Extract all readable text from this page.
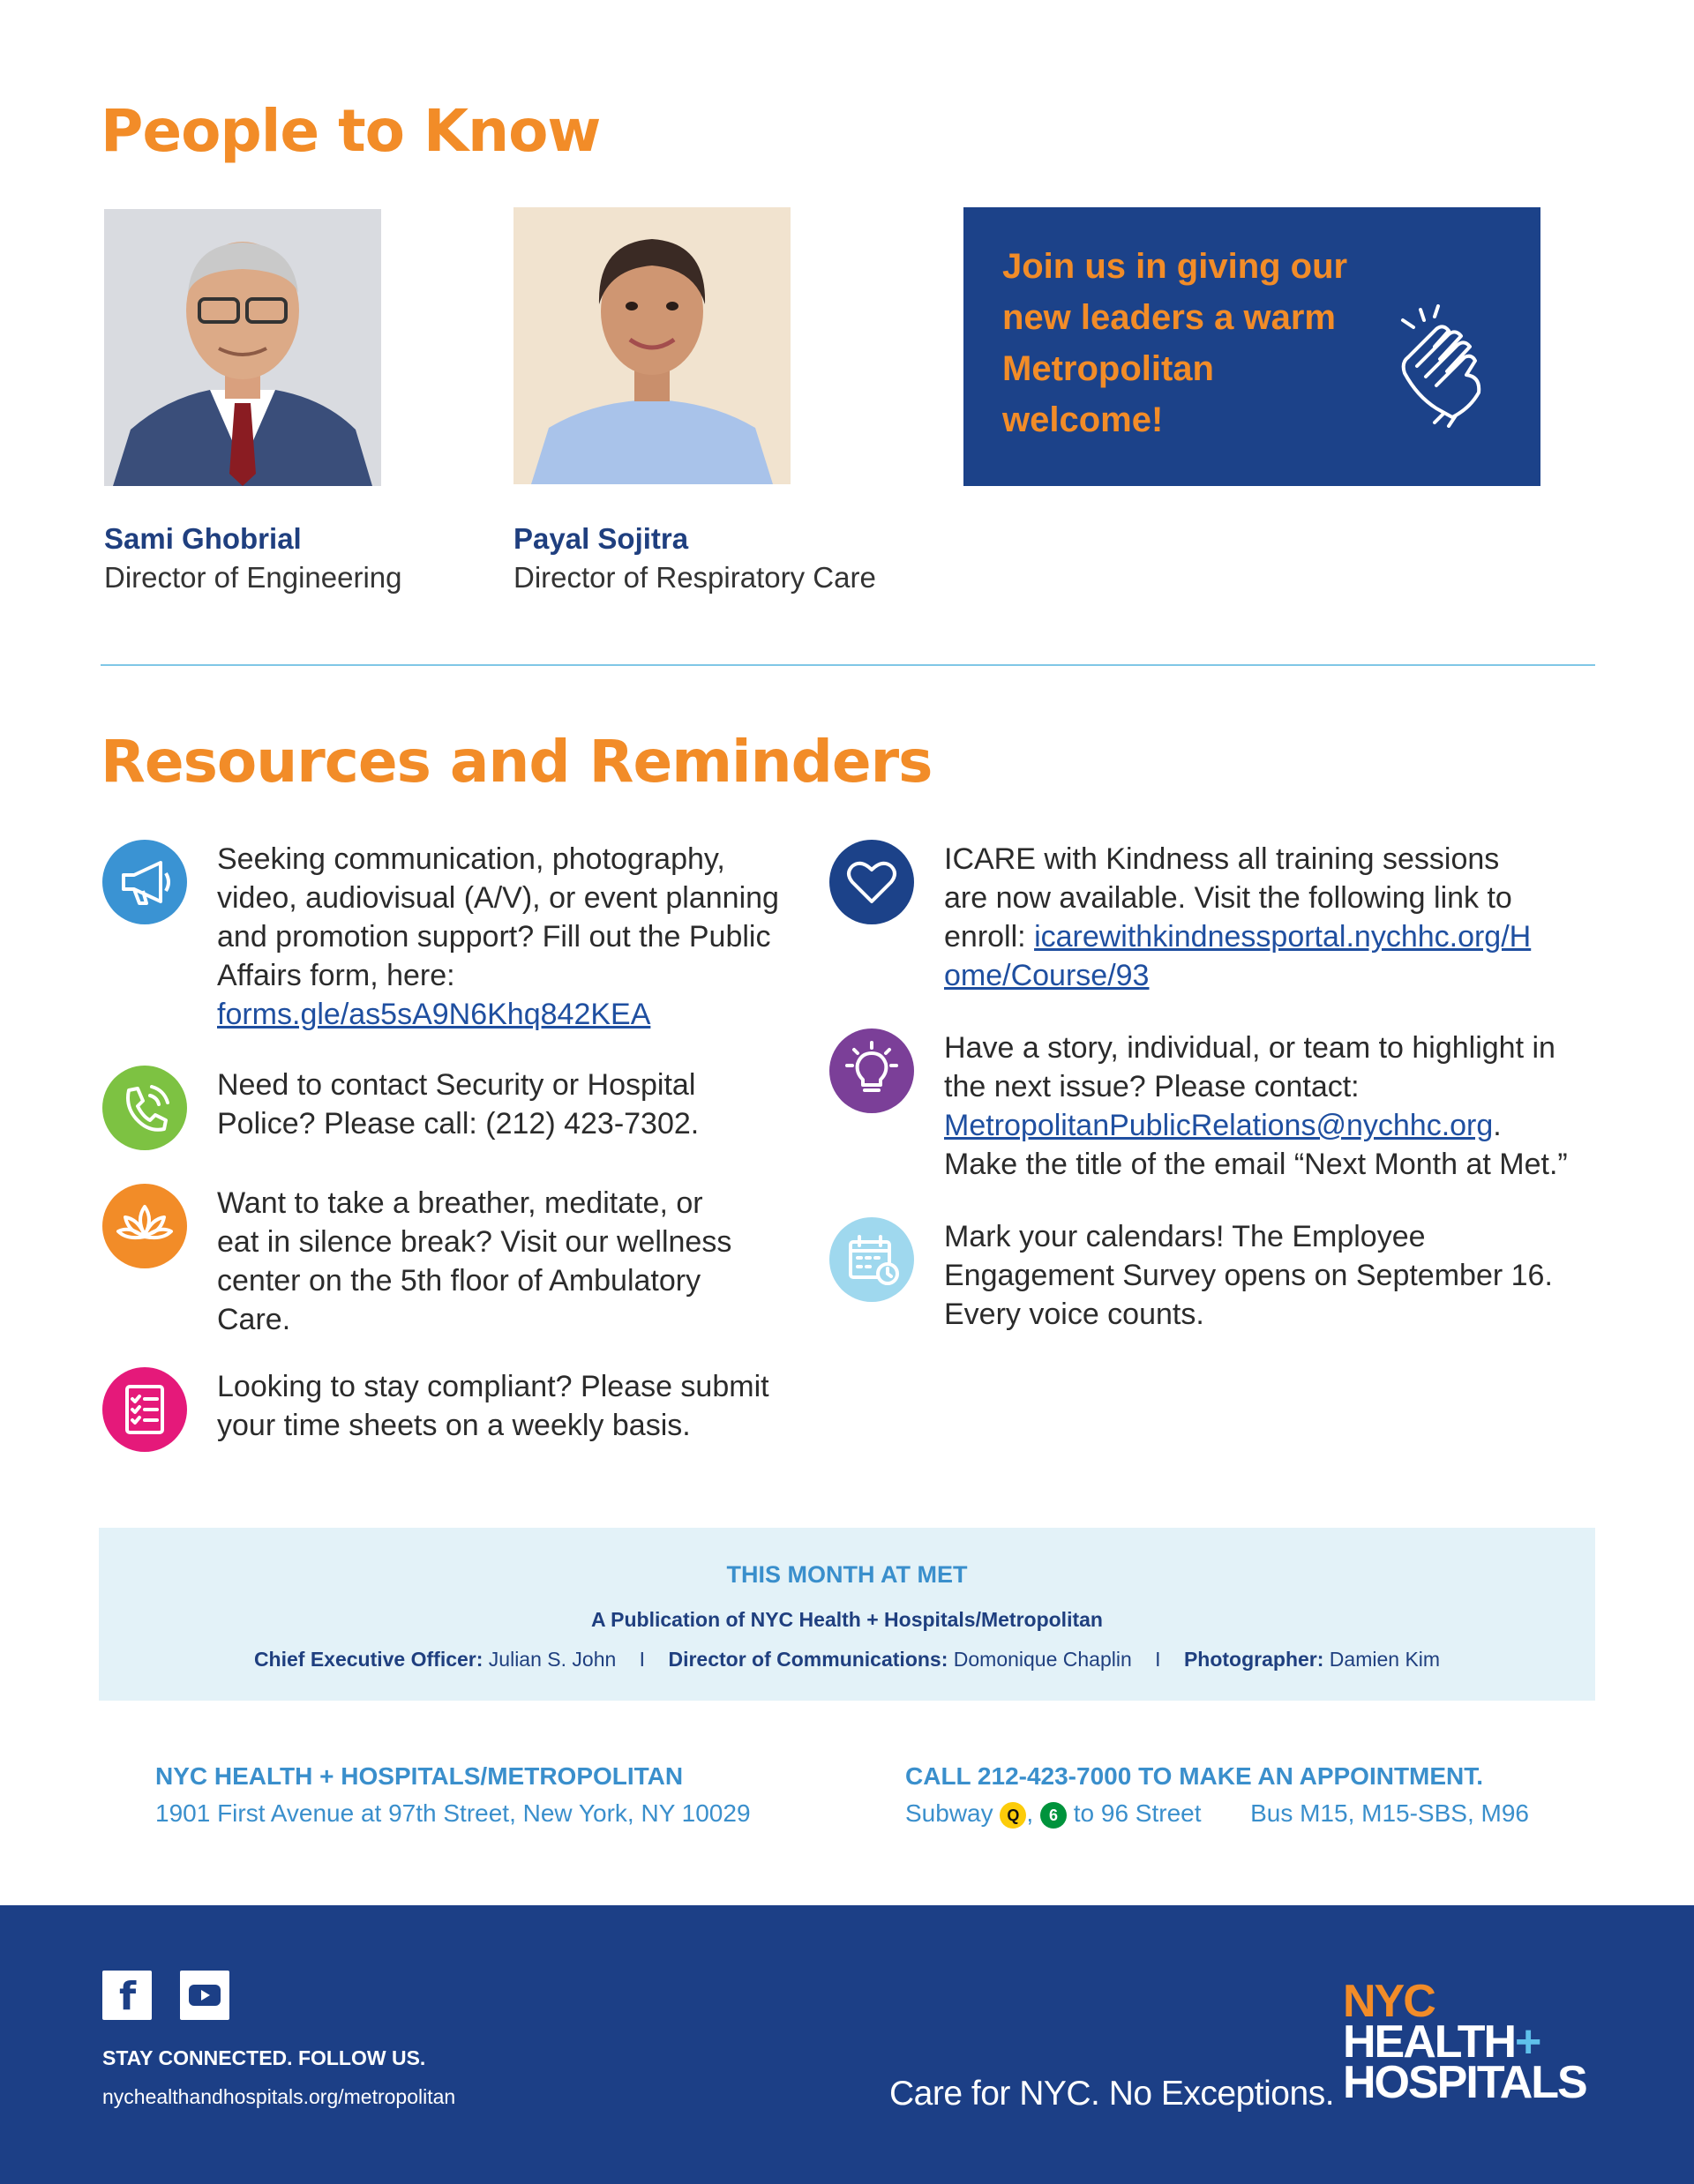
People to Know
Sami Ghobrial
Director of Engineering
Payal Sojitra
Director of Respiratory Care
Join us in giving our new leaders a warm Metropolitan welcome!
Resources and Reminders
Seeking communication, photography, video, audiovisual (A/V), or event planning and promotion support? Fill out the Public Affairs form, here:
forms.gle/as5sA9N6Khq842KEA
Need to contact Security or Hospital Police? Please call: (212) 423-7302.
Want to take a breather, meditate, or eat in silence break? Visit our wellness center on the 5th floor of Ambulatory Care.
Looking to stay compliant? Please submit your time sheets on a weekly basis.
ICARE with Kindness all training sessions are now available. Visit the following link to enroll: icarewithkindnessportal.nychhc.org/Home/Course/93
Have a story, individual, or team to highlight in the next issue? Please contact:
MetropolitanPublicRelations@nychhc.org.
Make the title of the email “Next Month at Met.”
Mark your calendars! The Employee Engagement Survey opens on September 16. Every voice counts.
THIS MONTH AT MET
A Publication of NYC Health + Hospitals/Metropolitan
Chief Executive Officer: Julian S. John I Director of Communications: Domonique Chaplin I Photographer: Damien Kim
NYC HEALTH + HOSPITALS/METROPOLITAN
1901 First Avenue at 97th Street, New York, NY 10029
CALL 212-423-7000 TO MAKE AN APPOINTMENT.
Subway Q , 6 to 96 Street Bus M15, M15-SBS, M96
f
STAY CONNECTED. FOLLOW US.
nychealthandhospitals.org/metropolitan	Care for NYC. No Exceptions.
NYC
HEALTH+
HOSPITALS
